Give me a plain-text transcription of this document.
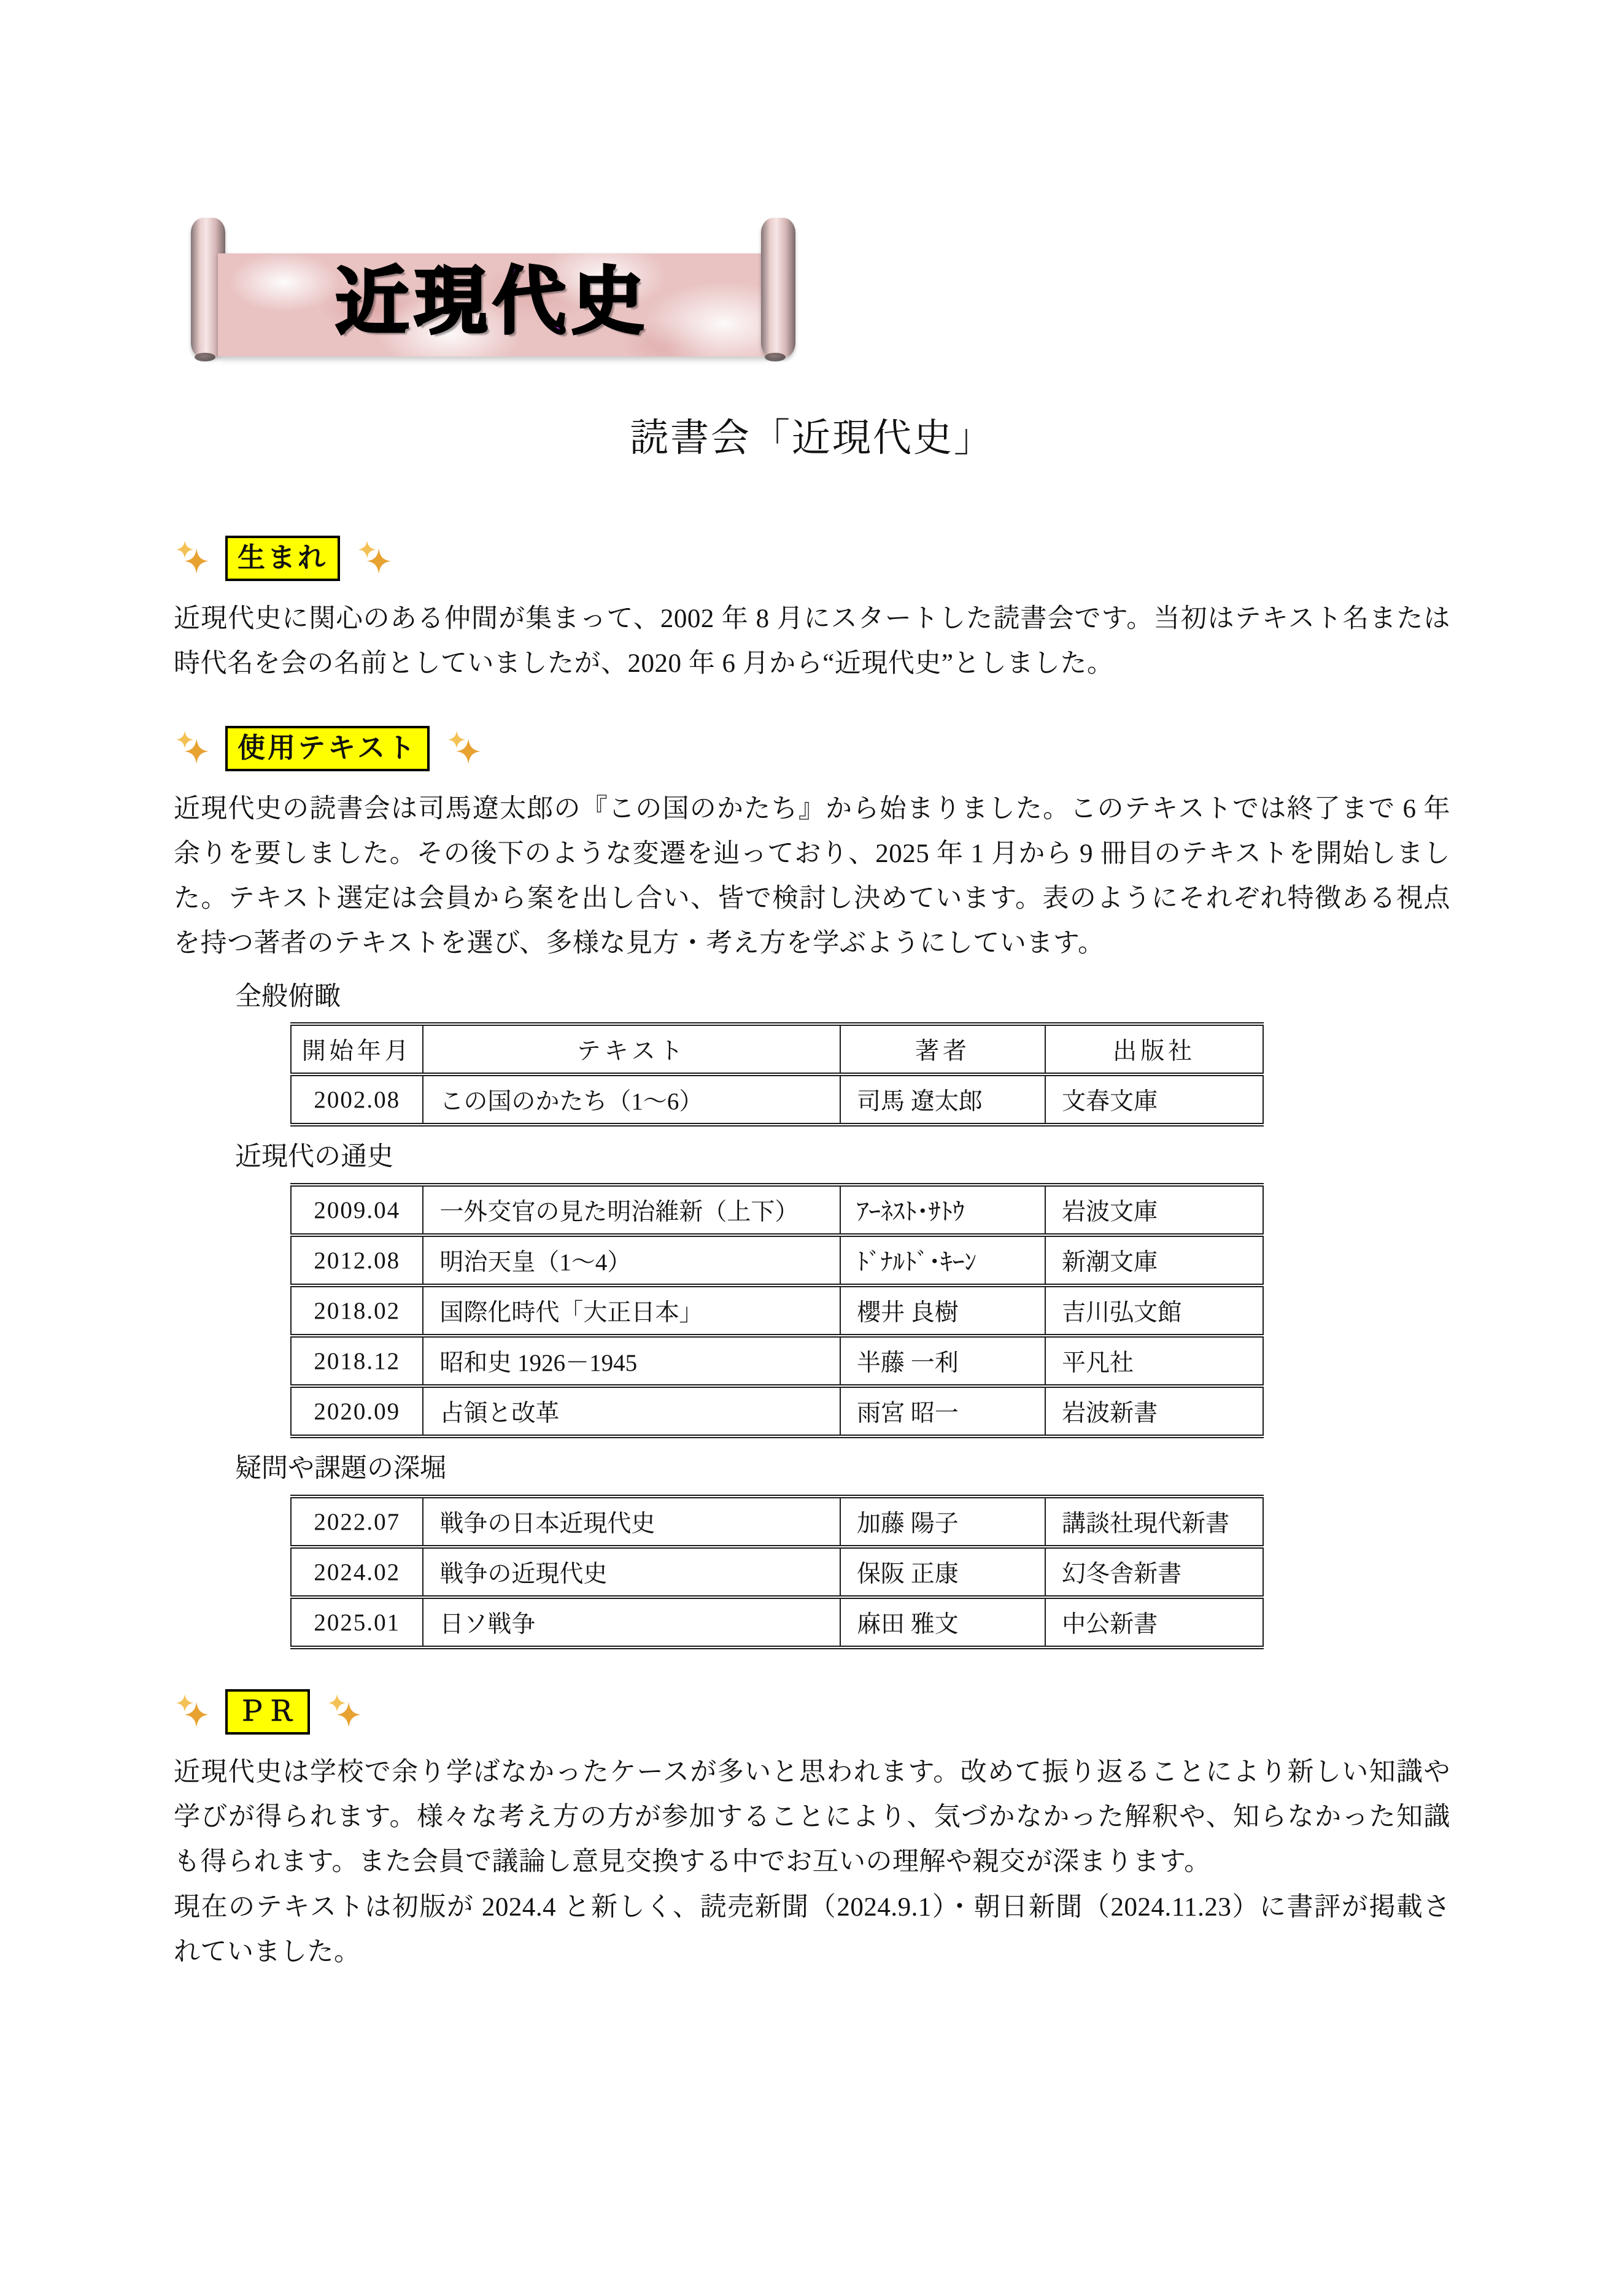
近現代史
読書会「近現代史」
生まれ

近現代史に関心のある仲間が集まって、2002 年 8 月にスタートした読書会です。当初はテキスト名または時代名を会の名前としていましたが、2020 年 6 月から“近現代史”としました。

使用テキスト

近現代史の読書会は司馬遼太郎の『この国のかたち』から始まりました。このテキストでは終了まで 6 年余りを要しました。その後下のような変遷を辿っており、2025 年 1 月から 9 冊目のテキストを開始しました。テキスト選定は会員から案を出し合い、皆で検討し決めています。表のようにそれぞれ特徴ある視点を持つ著者のテキストを選び、多様な見方・考え方を学ぶようにしています。

全般俯瞰
開始年月	テキスト	著者	出版社
2002.08	この国のかたち（1～6）	司馬 遼太郎	文春文庫
近現代の通史
2009.04	一外交官の見た明治維新（上下）	ｱｰﾈｽﾄ･ｻﾄｳ	岩波文庫
2012.08	明治天皇（1～4）	ﾄﾞﾅﾙﾄﾞ･ｷｰﾝ	新潮文庫
2018.02	国際化時代「大正日本」	櫻井 良樹	吉川弘文館
2018.12	昭和史 1926－1945	半藤 一利	平凡社
2020.09	占領と改革	雨宮 昭一	岩波新書
疑問や課題の深堀
2022.07	戦争の日本近現代史	加藤 陽子	講談社現代新書
2024.02	戦争の近現代史	保阪 正康	幻冬舎新書
2025.01	日ソ戦争	麻田 雅文	中公新書
ＰＲ

近現代史は学校で余り学ばなかったケースが多いと思われます。改めて振り返ることにより新しい知識や学びが得られます。様々な考え方の方が参加することにより、気づかなかった解釈や、知らなかった知識も得られます。また会員で議論し意見交換する中でお互いの理解や親交が深まります。

現在のテキストは初版が 2024.4 と新しく、読売新聞（2024.9.1）・朝日新聞（2024.11.23）に書評が掲載されていました。
